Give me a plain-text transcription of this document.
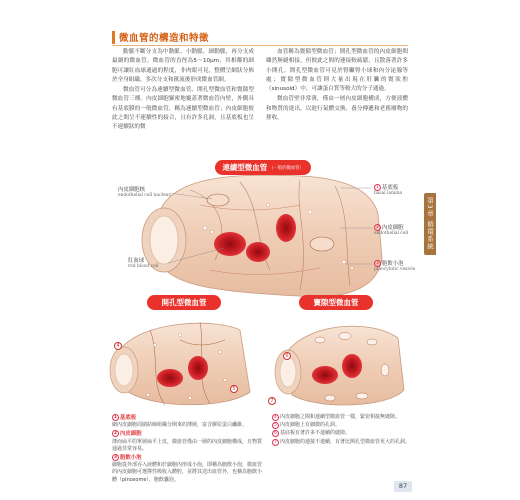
微血管的構造和特徵

動脈不斷分支為中動脈、小動脈、細動脈，再分支成最細的微血管。微血管的直徑為5～10μm，其相鄰的細胞可讓紅血球通過的程度，非肉眼可見，整體呈網狀分佈於全身組織，多次分支和匯流後形成微血管網。

微血管可分為連續型微血管、開孔型微血管和竇隙型微血管三種。內皮細胞緊密地覆蓋著微血管內壁，外側具有基底膜的一般微血管，稱為連續型微血管；內皮細胞彼此之間呈不連續性的接合，且有許多孔洞，且基底板也呈不連續狀的微

血管稱為竇隙型微血管；開孔型微血管的內皮細胞間雖然無縫相接，但彼此之間的連接較疏鬆，且散落著許多小開孔。開孔型微血管可見於腎臟腎小球和內分泌腺等處；竇隙型微血管則大量出現在肝臟的竇狀腔（sinusoid）中，可讓蛋白質等較大的分子通過。

微血管壁非常薄，僅由一層內皮細胞構成，方便液體和物質的進出，以進行氣體交換、養分傳遞和老舊廢物的排收。

第3章 循環系統
連續型微血管 （一般的微血管）
開孔型微血管	竇隙型微血管
內皮細胞核
endothelial cell nucleus
紅血球
red blood cell
1 基底板
basal lamina
2 內皮細胞
endothelial cell
3 胞飲小泡
pinocytotic vesicle
4
5
6
7
1 基底板
網內皮細胞周圍結締組織分開來的薄層，富含膠原蛋白纖維。
2 內皮細胞
薄而扁平的單層扁平上皮，微血管僅由一層的內皮細胞構成，且物質通過非常容易。
3 胞飲小泡
細胞從外部吞入液體和於細胞內形成小泡，即稱為胞飲小泡，微血管的內皮細胞可選擇性吸收入體腔，並將其送出血管外，也稱為胞飲小體（pinosome）、胞飲囊泡。
4 內皮細胞之間和連續型微血管一樣，緊密相接無縫隙。
5 內皮細胞上有細微的孔洞。
6 基底板有著許多不連續的縫隙。
7 內皮細胞的連接不連續，有著比開孔型微血管更大的孔洞。
87
